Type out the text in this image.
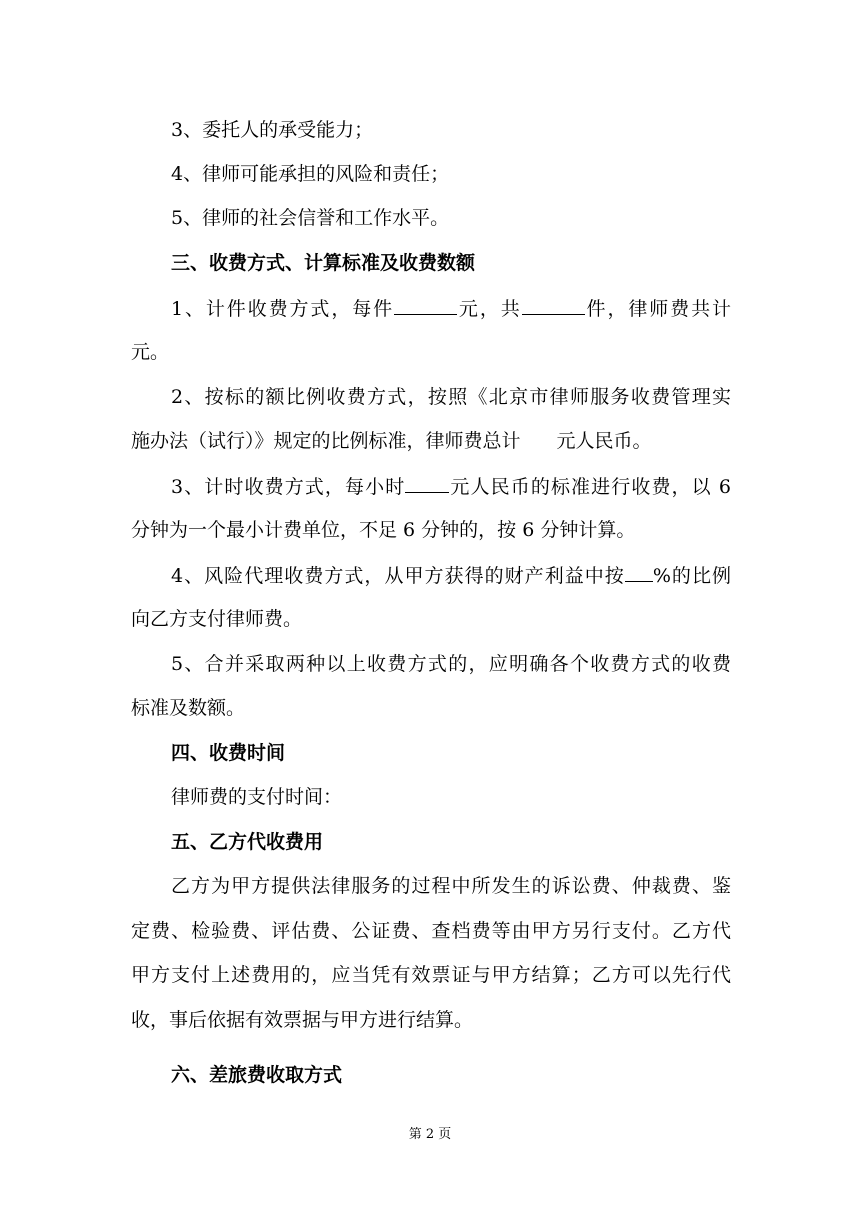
3、委托人的承受能力；

4、律师可能承担的风险和责任；

5、律师的社会信誉和工作水平。

三、收费方式、计算标准及收费数额

1、计件收费方式，每件	元，共	件，律师费共计

元。

2、按标的额比例收费方式，按照《北京市律师服务收费管理实

施办法（试行）》规定的比例标准，律师费总计 元人民币。

3、计时收费方式，每小时 元人民币的标准进行收费，以 6

分钟为一个最小计费单位，不足 6 分钟的，按 6 分钟计算。

4、风险代理收费方式，从甲方获得的财产利益中按 %的比例

向乙方支付律师费。

5、合并采取两种以上收费方式的，应明确各个收费方式的收费

标准及数额。

四、收费时间

律师费的支付时间：

五、乙方代收费用

乙方为甲方提供法律服务的过程中所发生的诉讼费、仲裁费、鉴

定费、检验费、评估费、公证费、查档费等由甲方另行支付。乙方代

甲方支付上述费用的，应当凭有效票证与甲方结算；乙方可以先行代

收，事后依据有效票据与甲方进行结算。

六、差旅费收取方式

第 2 页
